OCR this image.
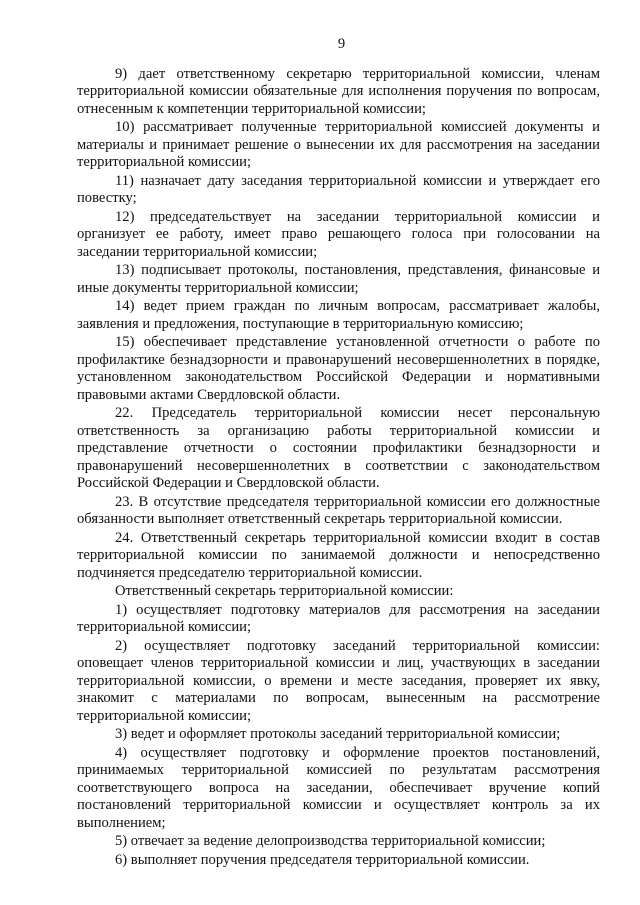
9

9) дает ответственному секретарю территориальной комиссии, членам территориальной комиссии обязательные для исполнения поручения по вопросам, отнесенным к компетенции территориальной комиссии;

10) рассматривает полученные территориальной комиссией документы и материалы и принимает решение о вынесении их для рассмотрения на заседании территориальной комиссии;

11) назначает дату заседания территориальной комиссии и утверждает его повестку;

12) председательствует на заседании территориальной комиссии и организует ее работу, имеет право решающего голоса при голосовании на заседании территориальной комиссии;

13) подписывает протоколы, постановления, представления, финансовые и иные документы территориальной комиссии;

14) ведет прием граждан по личным вопросам, рассматривает жалобы, заявления и предложения, поступающие в территориальную комиссию;

15) обеспечивает представление установленной отчетности о работе по профилактике безнадзорности и правонарушений несовершеннолетних в порядке, установленном законодательством Российской Федерации и нормативными правовыми актами Свердловской области.

22. Председатель территориальной комиссии несет персональную ответственность за организацию работы территориальной комиссии и представление отчетности о состоянии профилактики безнадзорности и правонарушений несовершеннолетних в соответствии с законодательством Российской Федерации и Свердловской области.

23. В отсутствие председателя территориальной комиссии его должностные обязанности выполняет ответственный секретарь территориальной комиссии.

24. Ответственный секретарь территориальной комиссии входит в состав территориальной комиссии по занимаемой должности и непосредственно подчиняется председателю территориальной комиссии.

Ответственный секретарь территориальной комиссии:

1) осуществляет подготовку материалов для рассмотрения на заседании территориальной комиссии;

2) осуществляет подготовку заседаний территориальной комиссии: оповещает членов территориальной комиссии и лиц, участвующих в заседании территориальной комиссии, о времени и месте заседания, проверяет их явку, знакомит с материалами по вопросам, вынесенным на рассмотрение территориальной комиссии;

3) ведет и оформляет протоколы заседаний территориальной комиссии;

4) осуществляет подготовку и оформление проектов постановлений, принимаемых территориальной комиссией по результатам рассмотрения соответствующего вопроса на заседании, обеспечивает вручение копий постановлений территориальной комиссии и осуществляет контроль за их выполнением;

5) отвечает за ведение делопроизводства территориальной комиссии;

6) выполняет поручения председателя территориальной комиссии.
